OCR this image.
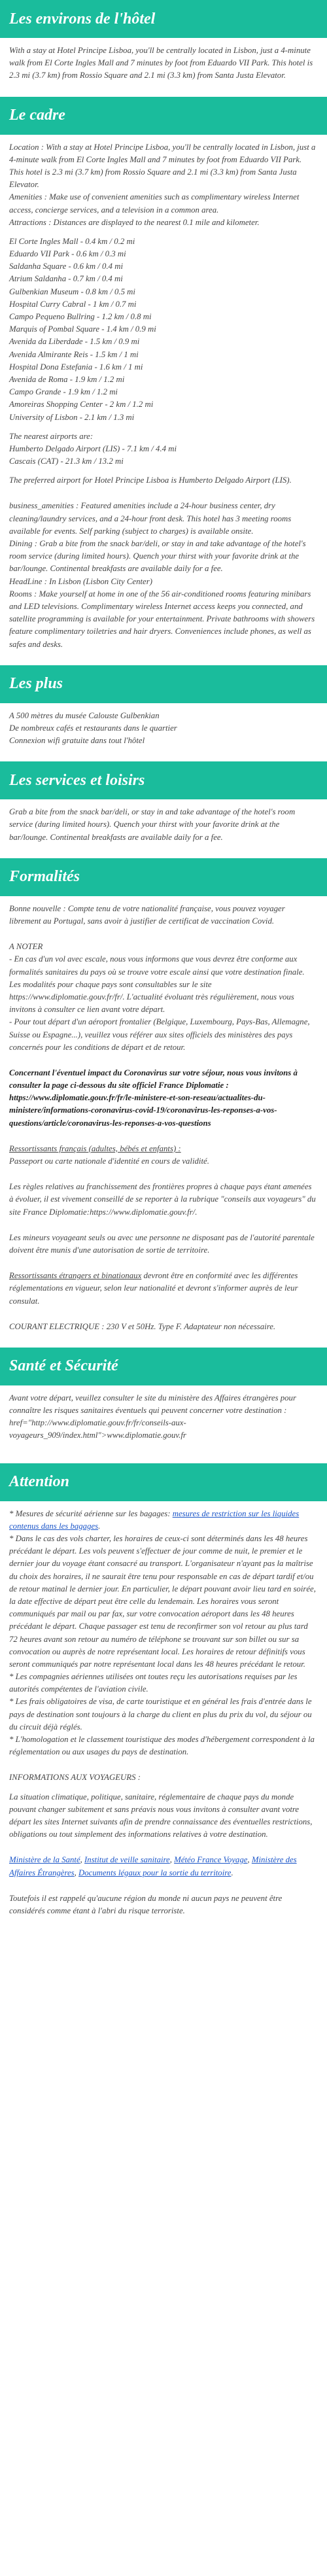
Les environs de l'hôtel

With a stay at Hotel Principe Lisboa, you'll be centrally located in Lisbon, just a 4-minute walk from El Corte Ingles Mall and 7 minutes by foot from Eduardo VII Park. This hotel is 2.3 mi (3.7 km) from Rossio Square and 2.1 mi (3.3 km) from Santa Justa Elevator.

Le cadre

Location : With a stay at Hotel Principe Lisboa, you'll be centrally located in Lisbon, just a 4-minute walk from El Corte Ingles Mall and 7 minutes by foot from Eduardo VII Park. This hotel is 2.3 mi (3.7 km) from Rossio Square and 2.1 mi (3.3 km) from Santa Justa Elevator.

Amenities : Make use of convenient amenities such as complimentary wireless Internet access, concierge services, and a television in a common area.

Attractions : Distances are displayed to the nearest 0.1 mile and kilometer.

El Corte Ingles Mall - 0.4 km / 0.2 mi
Eduardo VII Park - 0.6 km / 0.3 mi
Saldanha Square - 0.6 km / 0.4 mi
Atrium Saldanha - 0.7 km / 0.4 mi
Gulbenkian Museum - 0.8 km / 0.5 mi
Hospital Curry Cabral - 1 km / 0.7 mi
Campo Pequeno Bullring - 1.2 km / 0.8 mi
Marquis of Pombal Square - 1.4 km / 0.9 mi
Avenida da Liberdade - 1.5 km / 0.9 mi
Avenida Almirante Reis - 1.5 km / 1 mi
Hospital Dona Estefania - 1.6 km / 1 mi
Avenida de Roma - 1.9 km / 1.2 mi
Campo Grande - 1.9 km / 1.2 mi
Amoreiras Shopping Center - 2 km / 1.2 mi
University of Lisbon - 2.1 km / 1.3 mi
The nearest airports are:
Humberto Delgado Airport (LIS) - 7.1 km / 4.4 mi
Cascais (CAT) - 21.3 km / 13.2 mi

The preferred airport for Hotel Principe Lisboa is Humberto Delgado Airport (LIS).

business_amenities : Featured amenities include a 24-hour business center, dry cleaning/laundry services, and a 24-hour front desk. This hotel has 3 meeting rooms available for events. Self parking (subject to charges) is available onsite.

Dining : Grab a bite from the snack bar/deli, or stay in and take advantage of the hotel's room service (during limited hours). Quench your thirst with your favorite drink at the bar/lounge. Continental breakfasts are available daily for a fee.

HeadLine : In Lisbon (Lisbon City Center)

Rooms : Make yourself at home in one of the 56 air-conditioned rooms featuring minibars and LED televisions. Complimentary wireless Internet access keeps you connected, and satellite programming is available for your entertainment. Private bathrooms with showers feature complimentary toiletries and hair dryers. Conveniences include phones, as well as safes and desks.

Les plus
A 500 mètres du musée Calouste Gulbenkian
De nombreux cafés et restaurants dans le quartier
Connexion wifi gratuite dans tout l'hôtel
Les services et loisirs

Grab a bite from the snack bar/deli, or stay in and take advantage of the hotel's room service (during limited hours). Quench your thirst with your favorite drink at the bar/lounge. Continental breakfasts are available daily for a fee.

Formalités

Bonne nouvelle : Compte tenu de votre nationalité française, vous pouvez voyager librement au Portugal, sans avoir à justifier de certificat de vaccination Covid.

A NOTER

- En cas d'un vol avec escale, nous vous informons que vous devrez être conforme aux formalités sanitaires du pays où se trouve votre escale ainsi que votre destination finale.

Les modalités pour chaque pays sont consultables sur le site https://www.diplomatie.gouv.fr/fr/. L'actualité évoluant très régulièrement, nous vous invitons à consulter ce lien avant votre départ.

- Pour tout départ d'un aéroport frontalier (Belgique, Luxembourg, Pays-Bas, Allemagne, Suisse ou Espagne...), veuillez vous référer aux sites officiels des ministères des pays concernés pour les conditions de départ et de retour.

Concernant l'éventuel impact du Coronavirus sur votre séjour, nous vous invitons à consulter la page ci-dessous du site officiel France Diplomatie : https://www.diplomatie.gouv.fr/fr/le-ministere-et-son-reseau/actualites-du-ministere/informations-coronavirus-covid-19/coronavirus-les-reponses-a-vos-questions/article/coronavirus-les-reponses-a-vos-questions

Ressortissants français (adultes, bébés et enfants) :

Passeport ou carte nationale d'identité en cours de validité.

Les règles relatives au franchissement des frontières propres à chaque pays étant amenées à évoluer, il est vivement conseillé de se reporter à la rubrique "conseils aux voyageurs" du site France Diplomatie:https://www.diplomatie.gouv.fr/.

Les mineurs voyageant seuls ou avec une personne ne disposant pas de l'autorité parentale doivent être munis d'une autorisation de sortie de territoire.

Ressortissants étrangers et binationaux devront être en conformité avec les différentes réglementations en vigueur, selon leur nationalité et devront s'informer auprès de leur consulat.

COURANT ELECTRIQUE : 230 V et 50Hz. Type F. Adaptateur non nécessaire.

Santé et Sécurité

Avant votre départ, veuillez consulter le site du ministère des Affaires étrangères pour connaître les risques sanitaires éventuels qui peuvent concerner votre destination : href="http://www.diplomatie.gouv.fr/fr/conseils-aux-voyageurs_909/index.html">www.diplomatie.gouv.fr

Attention

* Mesures de sécurité aérienne sur les bagages: mesures de restriction sur les liquides contenus dans les bagages.

* Dans le cas des vols charter, les horaires de ceux-ci sont déterminés dans les 48 heures précédant le départ. Les vols peuvent s'effectuer de jour comme de nuit, le premier et le dernier jour du voyage étant consacré au transport. L'organisateur n'ayant pas la maîtrise du choix des horaires, il ne saurait être tenu pour responsable en cas de départ tardif et/ou de retour matinal le dernier jour. En particulier, le départ pouvant avoir lieu tard en soirée, la date effective de départ peut être celle du lendemain. Les horaires vous seront communiqués par mail ou par fax, sur votre convocation aéroport dans les 48 heures précédant le départ. Chaque passager est tenu de reconfirmer son vol retour au plus tard 72 heures avant son retour au numéro de téléphone se trouvant sur son billet ou sur sa convocation ou auprès de notre représentant local. Les horaires de retour définitifs vous seront communiqués par notre représentant local dans les 48 heures précédant le retour.

* Les compagnies aériennes utilisées ont toutes reçu les autorisations requises par les autorités compétentes de l'aviation civile.

* Les frais obligatoires de visa, de carte touristique et en général les frais d'entrée dans le pays de destination sont toujours à la charge du client en plus du prix du vol, du séjour ou du circuit déjà réglés.

* L'homologation et le classement touristique des modes d'hébergement correspondent à la réglementation ou aux usages du pays de destination.

INFORMATIONS AUX VOYAGEURS :

La situation climatique, politique, sanitaire, réglementaire de chaque pays du monde pouvant changer subitement et sans préavis nous vous invitons à consulter avant votre départ les sites Internet suivants afin de prendre connaissance des éventuelles restrictions, obligations ou tout simplement des informations relatives à votre destination.

Ministère de la Santé, Institut de veille sanitaire, Météo France Voyage, Ministère des Affaires Étrangères, Documents légaux pour la sortie du territoire.

Toutefois il est rappelé qu'aucune région du monde ni aucun pays ne peuvent être considérés comme étant à l'abri du risque terroriste.
